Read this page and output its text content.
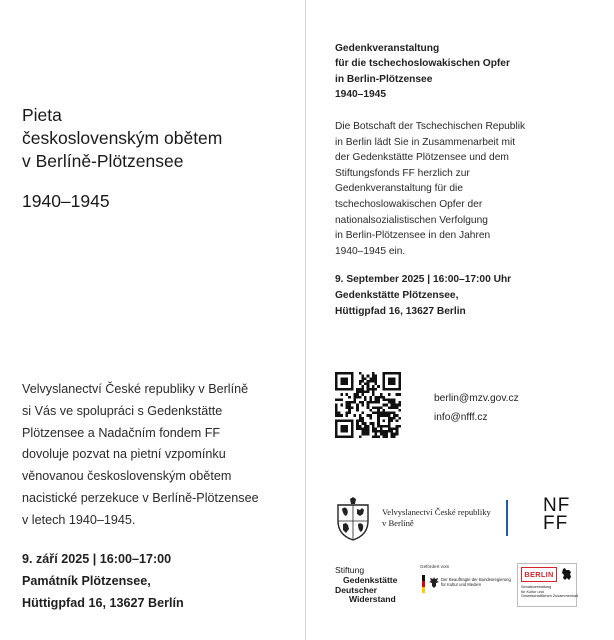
Pieta
československým obětem
v Berlíně-Plötzensee
1940–1945
Velvyslanectví České republiky v Berlíně
si Vás ve spolupráci s Gedenkstätte
Plötzensee a Nadačním fondem FF
dovoluje pozvat na pietní vzpomínku
věnovanou československým obětem
nacistické perzekuce v Berlíně-Plötzensee
v letech 1940–1945.
9. září 2025 | 16:00–17:00
Památník Plötzensee,
Hüttigpfad 16, 13627 Berlín
Gedenkveranstaltung
für die tschechoslowakischen Opfer
in Berlin-Plötzensee
1940–1945
Die Botschaft der Tschechischen Republik
in Berlin lädt Sie in Zusammenarbeit mit
der Gedenkstätte Plötzensee und dem
Stiftungsfonds FF herzlich zur
Gedenkveranstaltung für die
tschechoslowakischen Opfer der
nationalsozialistischen Verfolgung
in Berlin-Plötzensee in den Jahren
1940–1945 ein.
9. September 2025 | 16:00–17:00 Uhr
Gedenkstätte Plötzensee,
Hüttigpfad 16, 13627 Berlin
berlin@mzv.gov.cz
info@nfff.cz
Velvyslanectví České republiky
v Berlíně
NF
FF
Stiftung
Gedenkstätte
Deutscher
Widerstand
Gefördert vom
Der Beauftragte der Bundesregierung
für Kultur und Medien
BERLIN
Senatsverwaltung
für Kultur und
Gesellschaftlichen Zusammenhalt
